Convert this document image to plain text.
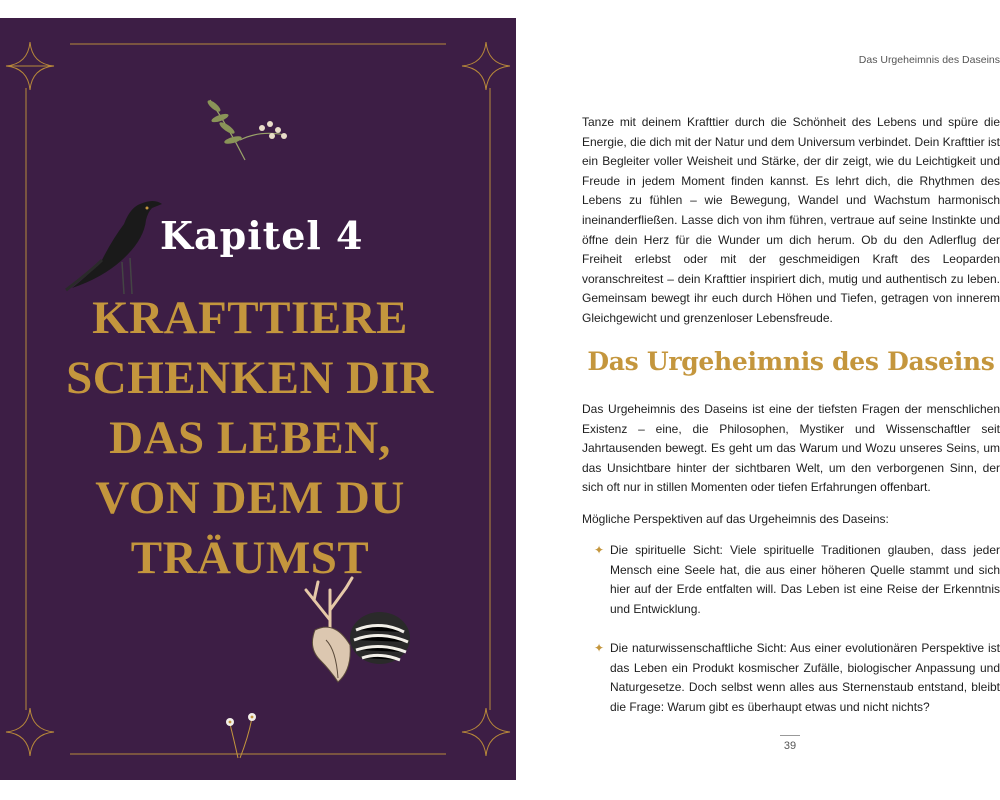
Kapitel 4
KRAFTTIERE
SCHENKEN DIR
DAS LEBEN,
VON DEM DU
TRÄUMST
Das Urgeheimnis des Daseins

Tanze mit deinem Krafttier durch die Schönheit des Lebens und spüre die Energie, die dich mit der Natur und dem Universum verbindet. Dein Krafttier ist ein Begleiter voller Weisheit und Stärke, der dir zeigt, wie du Leichtigkeit und Freude in jedem Moment finden kannst. Es lehrt dich, die Rhythmen des Lebens zu fühlen – wie Bewegung, Wandel und Wachstum harmonisch ineinanderfließen. Lasse dich von ihm führen, vertraue auf seine Instinkte und öffne dein Herz für die Wunder um dich herum. Ob du den Adlerflug der Freiheit erlebst oder mit der geschmeidigen Kraft des Leoparden voranschreitest – dein Krafttier inspiriert dich, mutig und authentisch zu leben. Gemeinsam bewegt ihr euch durch Höhen und Tiefen, getragen von innerem Gleichgewicht und grenzenloser Lebensfreude.

Das Urgeheimnis des Daseins

Das Urgeheimnis des Daseins ist eine der tiefsten Fragen der menschlichen Existenz – eine, die Philosophen, Mystiker und Wissenschaftler seit Jahrtausenden bewegt. Es geht um das Warum und Wozu unseres Seins, um das Unsichtbare hinter der sichtbaren Welt, um den verborgenen Sinn, der sich oft nur in stillen Momenten oder tiefen Erfahrungen offenbart.

Mögliche Perspektiven auf das Urgeheimnis des Daseins:

✦ Die spirituelle Sicht: Viele spirituelle Traditionen glauben, dass jeder Mensch eine Seele hat, die aus einer höheren Quelle stammt und sich hier auf der Erde entfalten will. Das Leben ist eine Reise der Erkenntnis und Entwicklung.
✦ Die naturwissenschaftliche Sicht: Aus einer evolutionären Perspektive ist das Leben ein Produkt kosmischer Zufälle, biologischer Anpassung und Naturgesetze. Doch selbst wenn alles aus Sternenstaub entstand, bleibt die Frage: Warum gibt es überhaupt etwas und nicht nichts?
39
